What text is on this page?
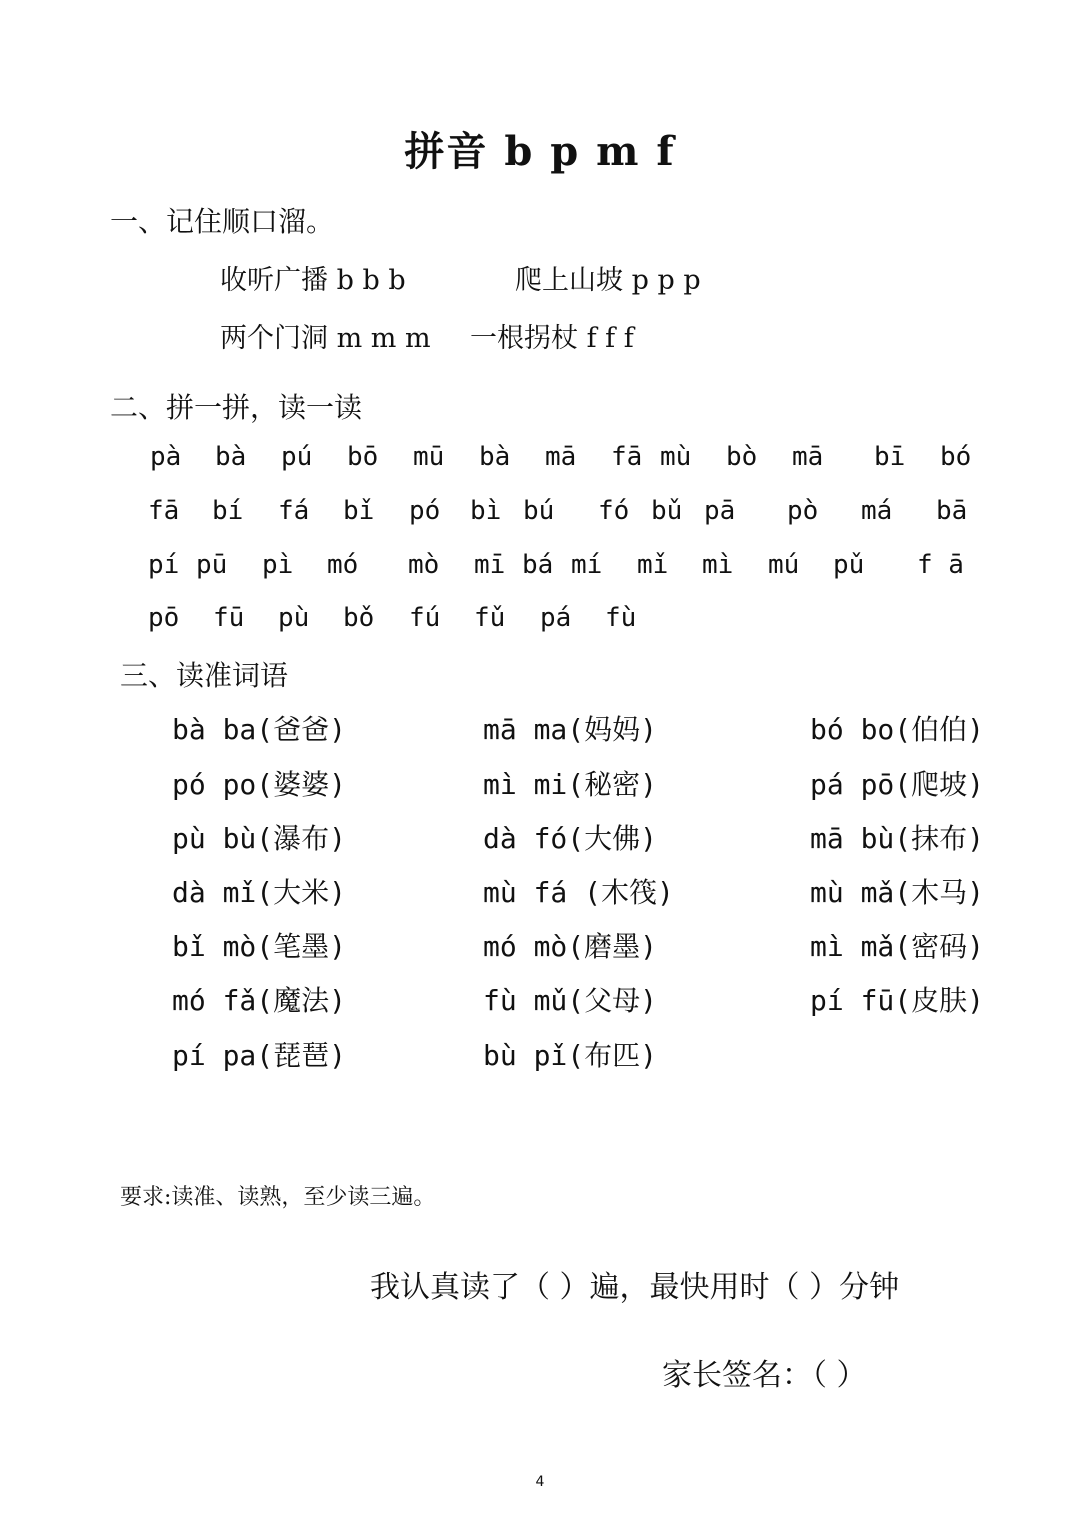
拼音 b p m f
一、记住顺口溜。
收听广播 b b b	爬上山坡 p p p
两个门洞 m m m 一根拐杖 f f f
二、拼一拼，读一读
pà bà pú bō mū bà mā fā mù bò mā bī bó
fā bí fá bǐ pó bì bú fó bǔ pā pò má bā
pí pū pì mó mò mī bá mí mǐ mì mú pǔ f ā
pō fū pù bǒ fú fǔ pá fù
三、读准词语
bà ba(爸爸)	mā ma(妈妈)	bó bo(伯伯)
pó po(婆婆)	mì mi(秘密)	pá pō(爬坡)
pù bù(瀑布)	dà fó(大佛)	mā bù(抹布)
dà mǐ(大米)	mù fá (木筏)	mù mǎ(木马)
bǐ mò(笔墨)	mó mò(磨墨)	mì mǎ(密码)
mó fǎ(魔法)	fù mǔ(父母)	pí fū(皮肤)
pí pa(琵琶)	bù pǐ(布匹)
要求:读准、读熟，至少读三遍。
我认真读了（ ）遍，最快用时（ ）分钟
家长签名：（ ）
4
